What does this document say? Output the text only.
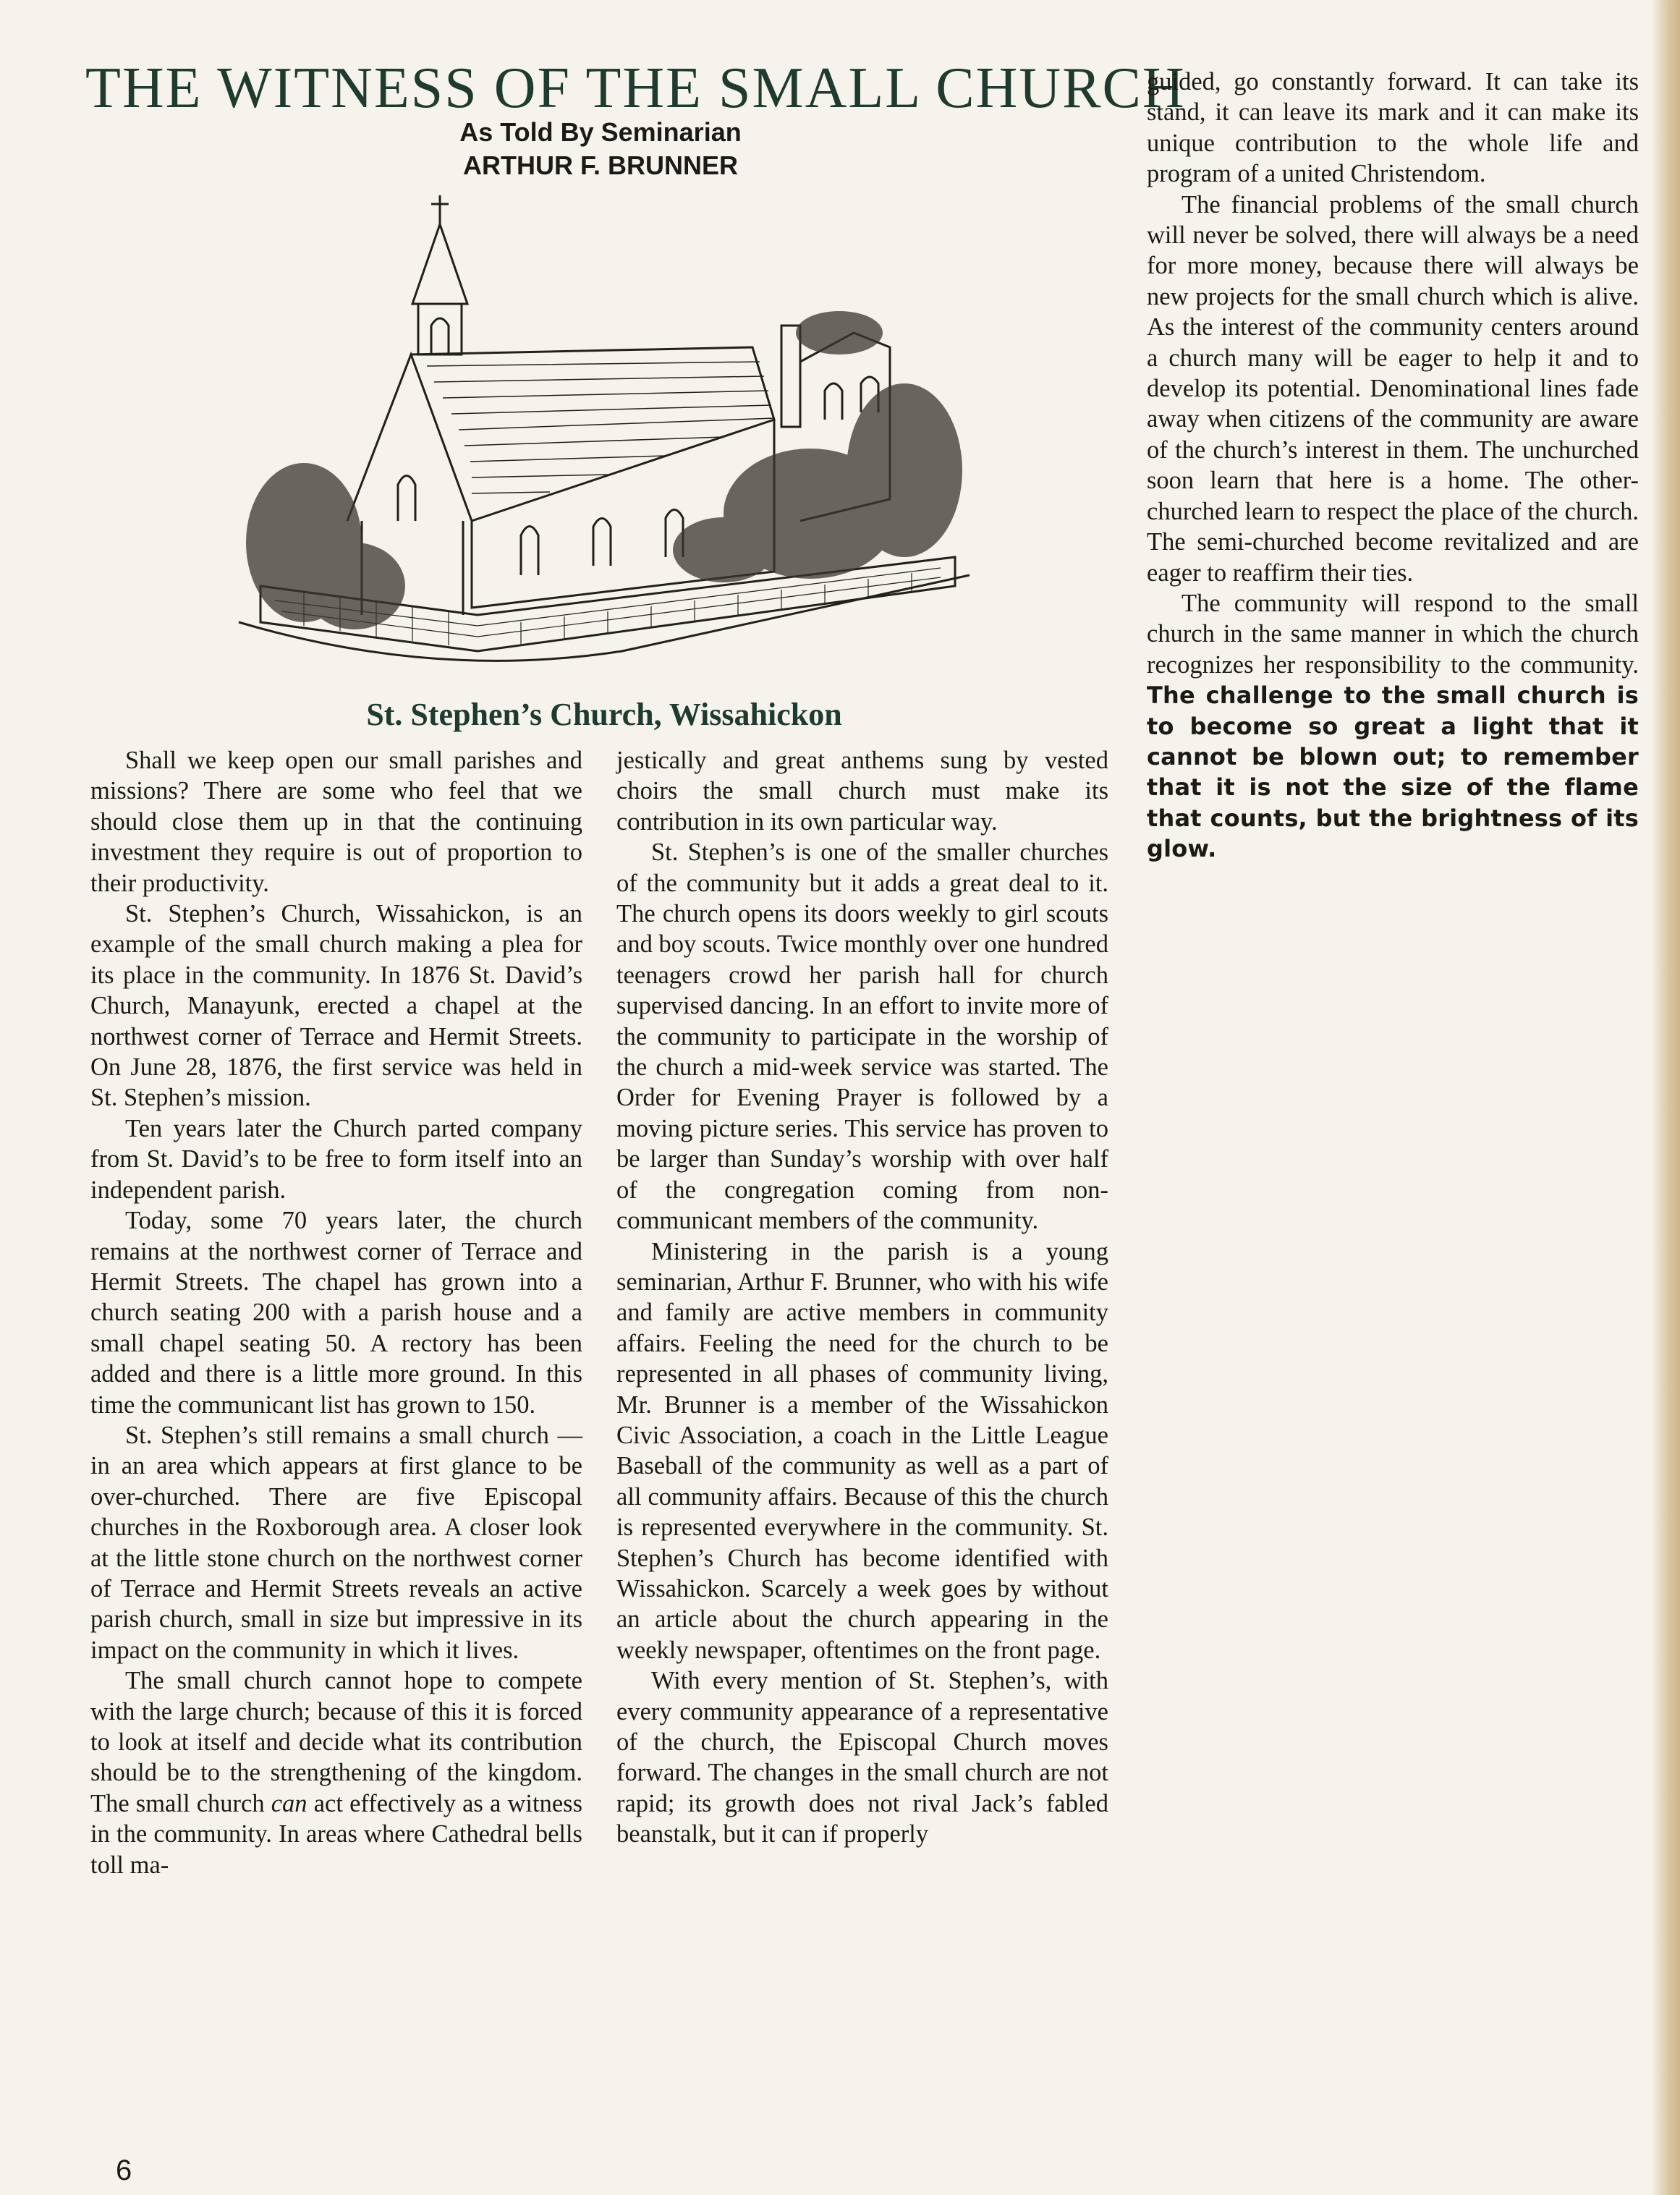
THE WITNESS OF THE SMALL CHURCH
As Told By Seminarian
ARTHUR F. BRUNNER
St. Stephen’s Church, Wissahickon

Shall we keep open our small parishes and missions? There are some who feel that we should close them up in that the continuing investment they require is out of proportion to their productivity.

St. Stephen’s Church, Wissahickon, is an example of the small church making a plea for its place in the community. In 1876 St. David’s Church, Manayunk, erected a chapel at the northwest corner of Terrace and Hermit Streets. On June 28, 1876, the first service was held in St. Stephen’s mission.

Ten years later the Church parted company from St. David’s to be free to form itself into an independent parish.

Today, some 70 years later, the church remains at the northwest corner of Terrace and Hermit Streets. The chapel has grown into a church seating 200 with a parish house and a small chapel seating 50. A rectory has been added and there is a little more ground. In this time the communicant list has grown to 150.

St. Stephen’s still remains a small church — in an area which appears at first glance to be over-churched. There are five Episcopal churches in the Roxborough area. A closer look at the little stone church on the northwest corner of Terrace and Hermit Streets reveals an active parish church, small in size but impressive in its impact on the community in which it lives.

The small church cannot hope to compete with the large church; because of this it is forced to look at itself and decide what its contribution should be to the strengthening of the kingdom. The small church can act effectively as a witness in the community. In areas where Cathedral bells toll ma-

jestically and great anthems sung by vested choirs the small church must make its contribution in its own particular way.

St. Stephen’s is one of the smaller churches of the community but it adds a great deal to it. The church opens its doors weekly to girl scouts and boy scouts. Twice monthly over one hundred teenagers crowd her parish hall for church supervised dancing. In an effort to invite more of the community to participate in the worship of the church a mid-week service was started. The Order for Evening Prayer is followed by a moving picture series. This service has proven to be larger than Sunday’s worship with over half of the congregation coming from non-communicant members of the community.

Ministering in the parish is a young seminarian, Arthur F. Brunner, who with his wife and family are active members in community affairs. Feeling the need for the church to be represented in all phases of community living, Mr. Brunner is a member of the Wissahickon Civic Association, a coach in the Little League Baseball of the community as well as a part of all community affairs. Because of this the church is represented everywhere in the community. St. Stephen’s Church has become identified with Wissahickon. Scarcely a week goes by without an article about the church appearing in the weekly newspaper, oftentimes on the front page.

With every mention of St. Stephen’s, with every community appearance of a representative of the church, the Episcopal Church moves forward. The changes in the small church are not rapid; its growth does not rival Jack’s fabled beanstalk, but it can if properly

guided, go constantly forward. It can take its stand, it can leave its mark and it can make its unique contribution to the whole life and program of a united Christendom.

The financial problems of the small church will never be solved, there will always be a need for more money, because there will always be new projects for the small church which is alive. As the interest of the community centers around a church many will be eager to help it and to develop its potential. Denominational lines fade away when citizens of the community are aware of the church’s interest in them. The unchurched soon learn that here is a home. The other-churched learn to respect the place of the church. The semi-churched become revitalized and are eager to reaffirm their ties.

The community will respond to the small church in the same manner in which the church recognizes her responsibility to the community. The challenge to the small church is to become so great a light that it cannot be blown out; to remember that it is not the size of the flame that counts, but the brightness of its glow.

6
